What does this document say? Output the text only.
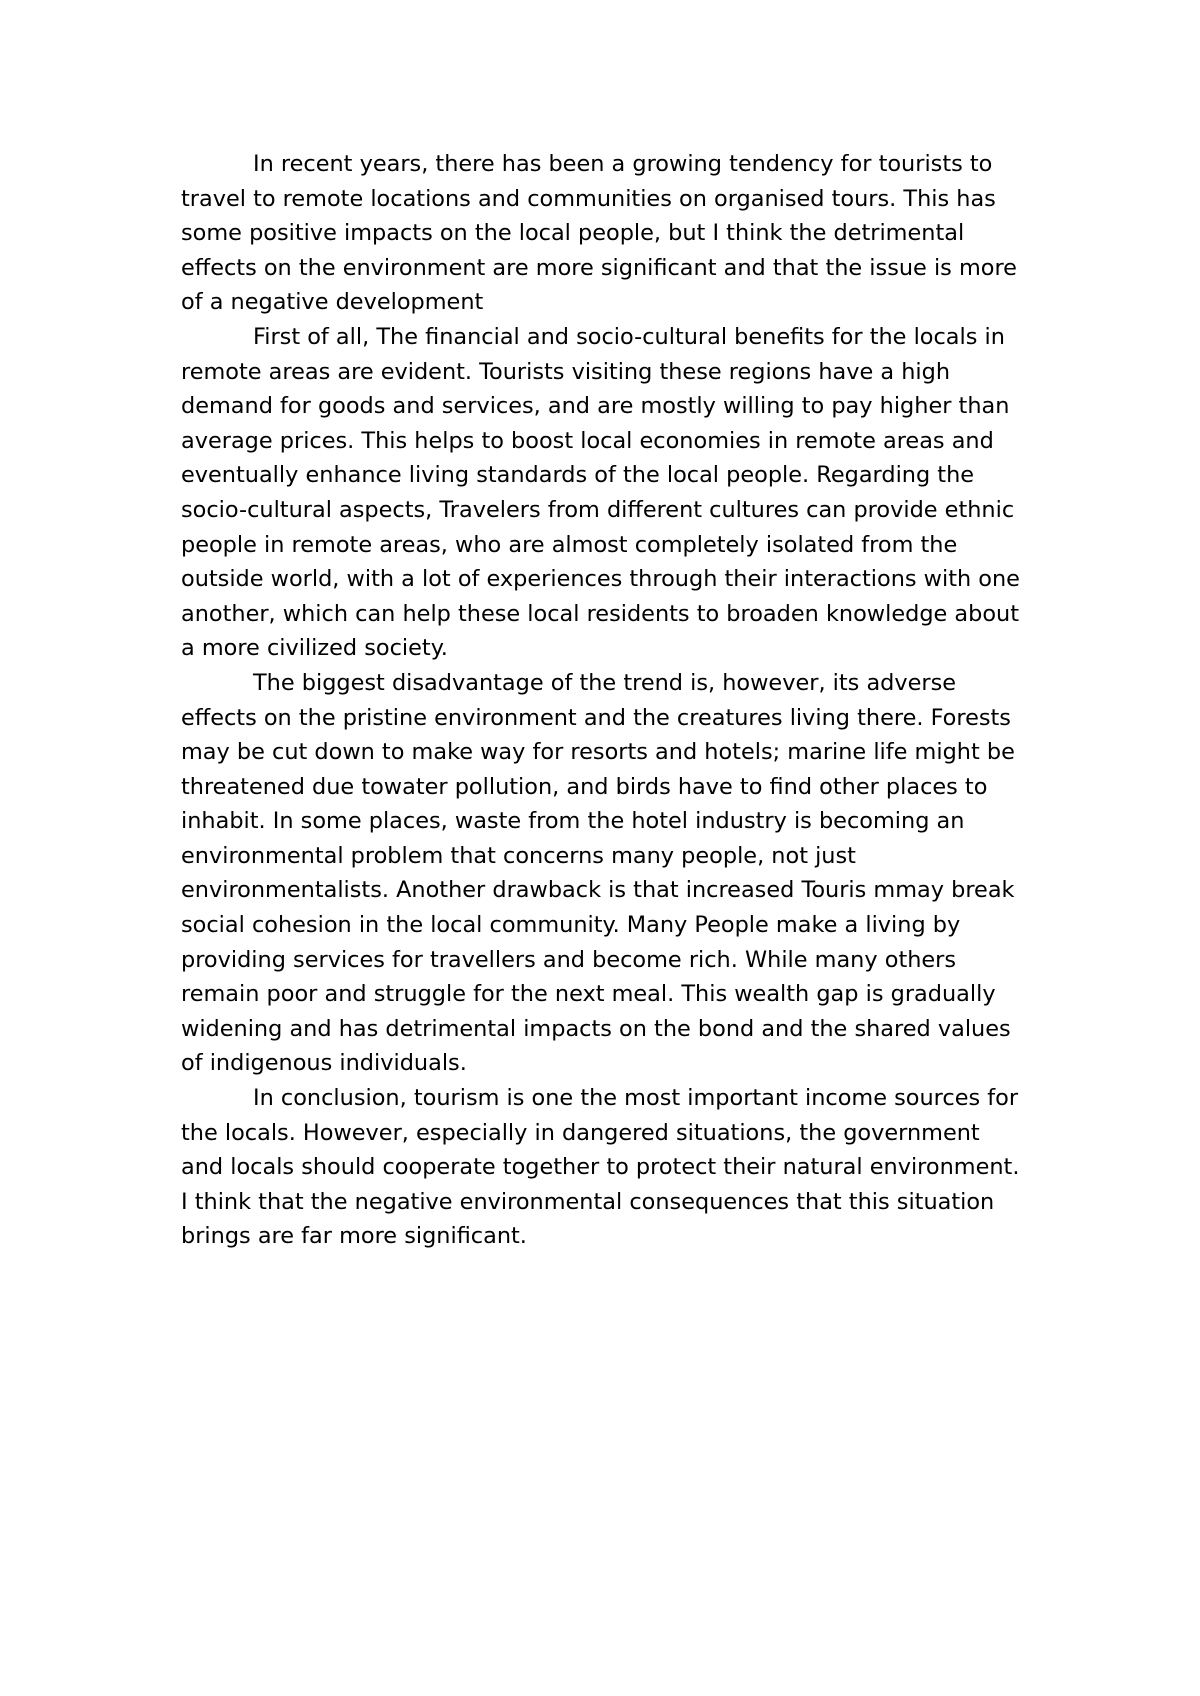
In recent years, there has been a growing tendency for tourists to travel to remote locations and communities on organised tours. This has some positive impacts on the local people, but I think the detrimental effects on the environment are more significant and that the issue is more of a negative development

First of all, The financial and socio-cultural benefits for the locals in remote areas are evident. Tourists visiting these regions have a high demand for goods and services, and are mostly willing to pay higher than average prices. This helps to boost local economies in remote areas and eventually enhance living standards of the local people. Regarding the socio-cultural aspects, Travelers from different cultures can provide ethnic people in remote areas, who are almost completely isolated from the outside world, with a lot of experiences through their interactions with one another, which can help these local residents to broaden knowledge about a more civilized society.

The biggest disadvantage of the trend is, however, its adverse effects on the pristine environment and the creatures living there. Forests may be cut down to make way for resorts and hotels; marine life might be threatened due towater pollution, and birds have to find other places to inhabit. In some places, waste from the hotel industry is becoming an environmental problem that concerns many people, not just environmentalists. Another drawback is that increased Touris mmay break social cohesion in the local community. Many People make a living by providing services for travellers and become rich. While many others remain poor and struggle for the next meal. This wealth gap is gradually widening and has detrimental impacts on the bond and the shared values of indigenous individuals.

In conclusion, tourism is one the most important income sources for the locals. However, especially in dangered situations, the government and locals should cooperate together to protect their natural environment. I think that the negative environmental consequences that this situation brings are far more significant.
